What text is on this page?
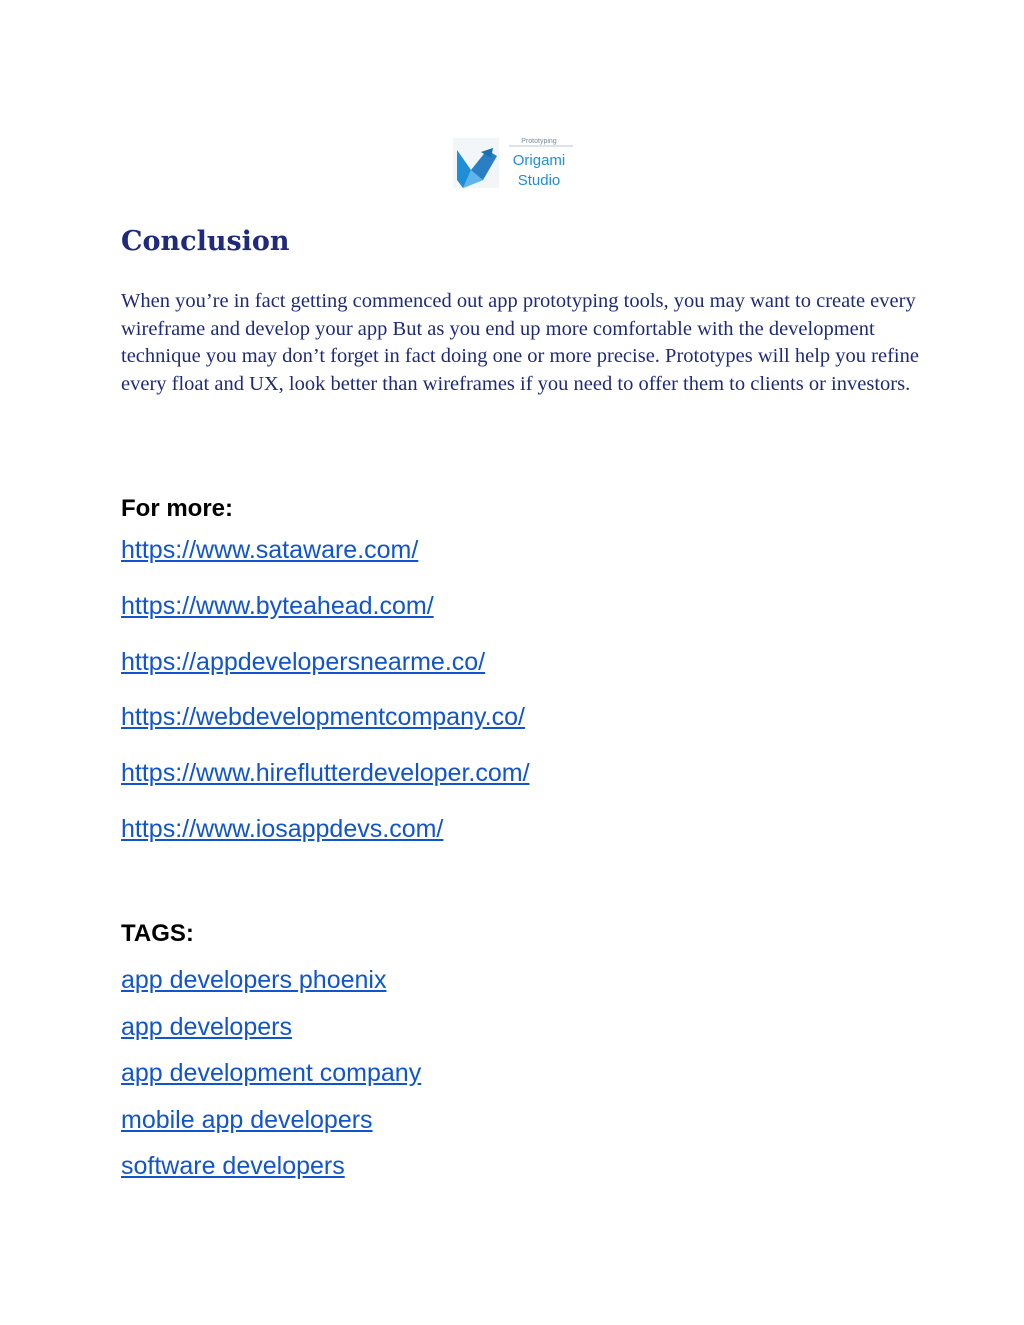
Prototyping
Origami
Studio
Conclusion

When you’re in fact getting commenced out app prototyping tools, you may want to create every wireframe and develop your app But as you end up more comfortable with the development technique you may don’t forget in fact doing one or more precise. Prototypes will help you refine every float and UX, look better than wireframes if you need to offer them to clients or investors.

For more:
https://www.sataware.com/
https://www.byteahead.com/
https://appdevelopersnearme.co/
https://webdevelopmentcompany.co/
https://www.hireflutterdeveloper.com/
https://www.iosappdevs.com/
TAGS:
app developers phoenix
app developers
app development company
mobile app developers
software developers
